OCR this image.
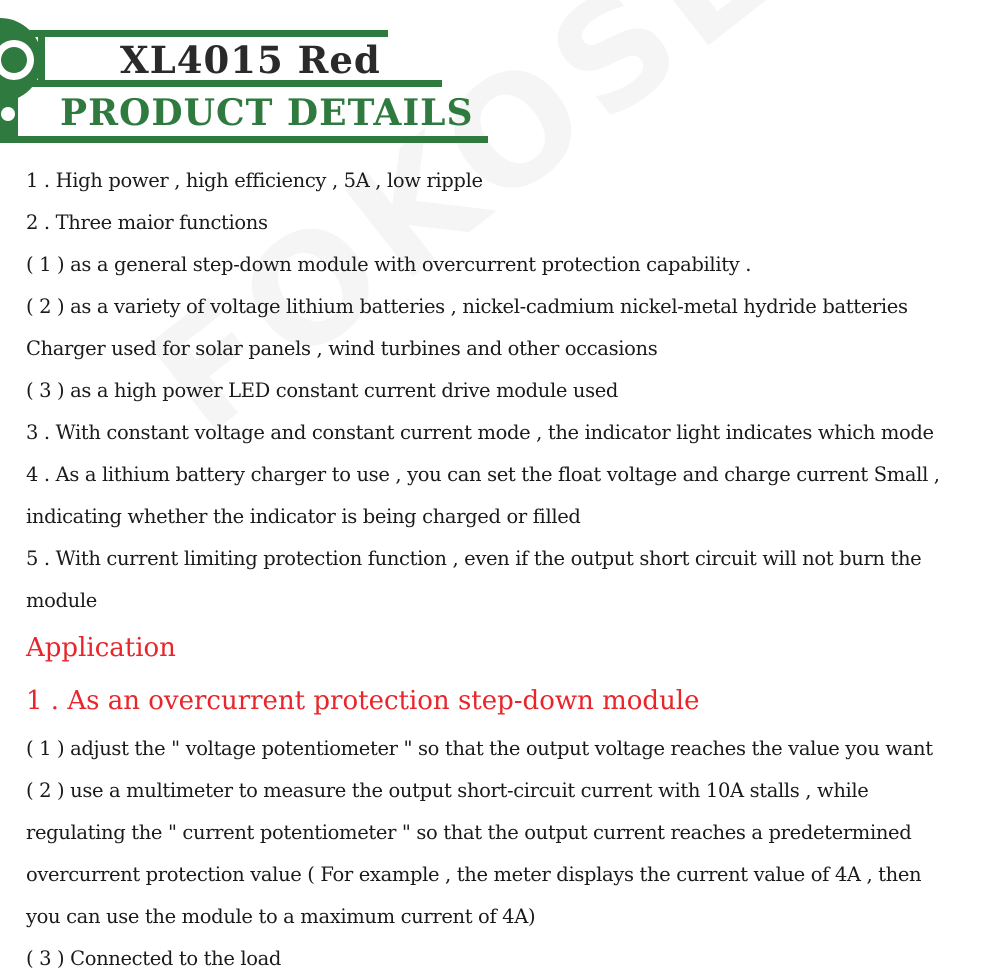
XL4015 Red
PRODUCT DETAILS
1 . High power , high efficiency , 5A , low ripple
2 . Three maior functions
( 1 ) as a general step-down module with overcurrent protection capability .
( 2 ) as a variety of voltage lithium batteries , nickel-cadmium nickel-metal hydride batteries
Charger used for solar panels , wind turbines and other occasions
( 3 ) as a high power LED constant current drive module used
3 . With constant voltage and constant current mode , the indicator light indicates which mode
4 . As a lithium battery charger to use , you can set the float voltage and charge current Small ,
indicating whether the indicator is being charged or filled
5 . With current limiting protection function , even if the output short circuit will not burn the
module
Application
1 . As an overcurrent protection step-down module
( 1 ) adjust the " voltage potentiometer " so that the output voltage reaches the value you want
( 2 ) use a multimeter to measure the output short-circuit current with 10A stalls , while
regulating the " current potentiometer " so that the output current reaches a predetermined
overcurrent protection value ( For example , the meter displays the current value of 4A , then
you can use the module to a maximum current of 4A)
( 3 ) Connected to the load
